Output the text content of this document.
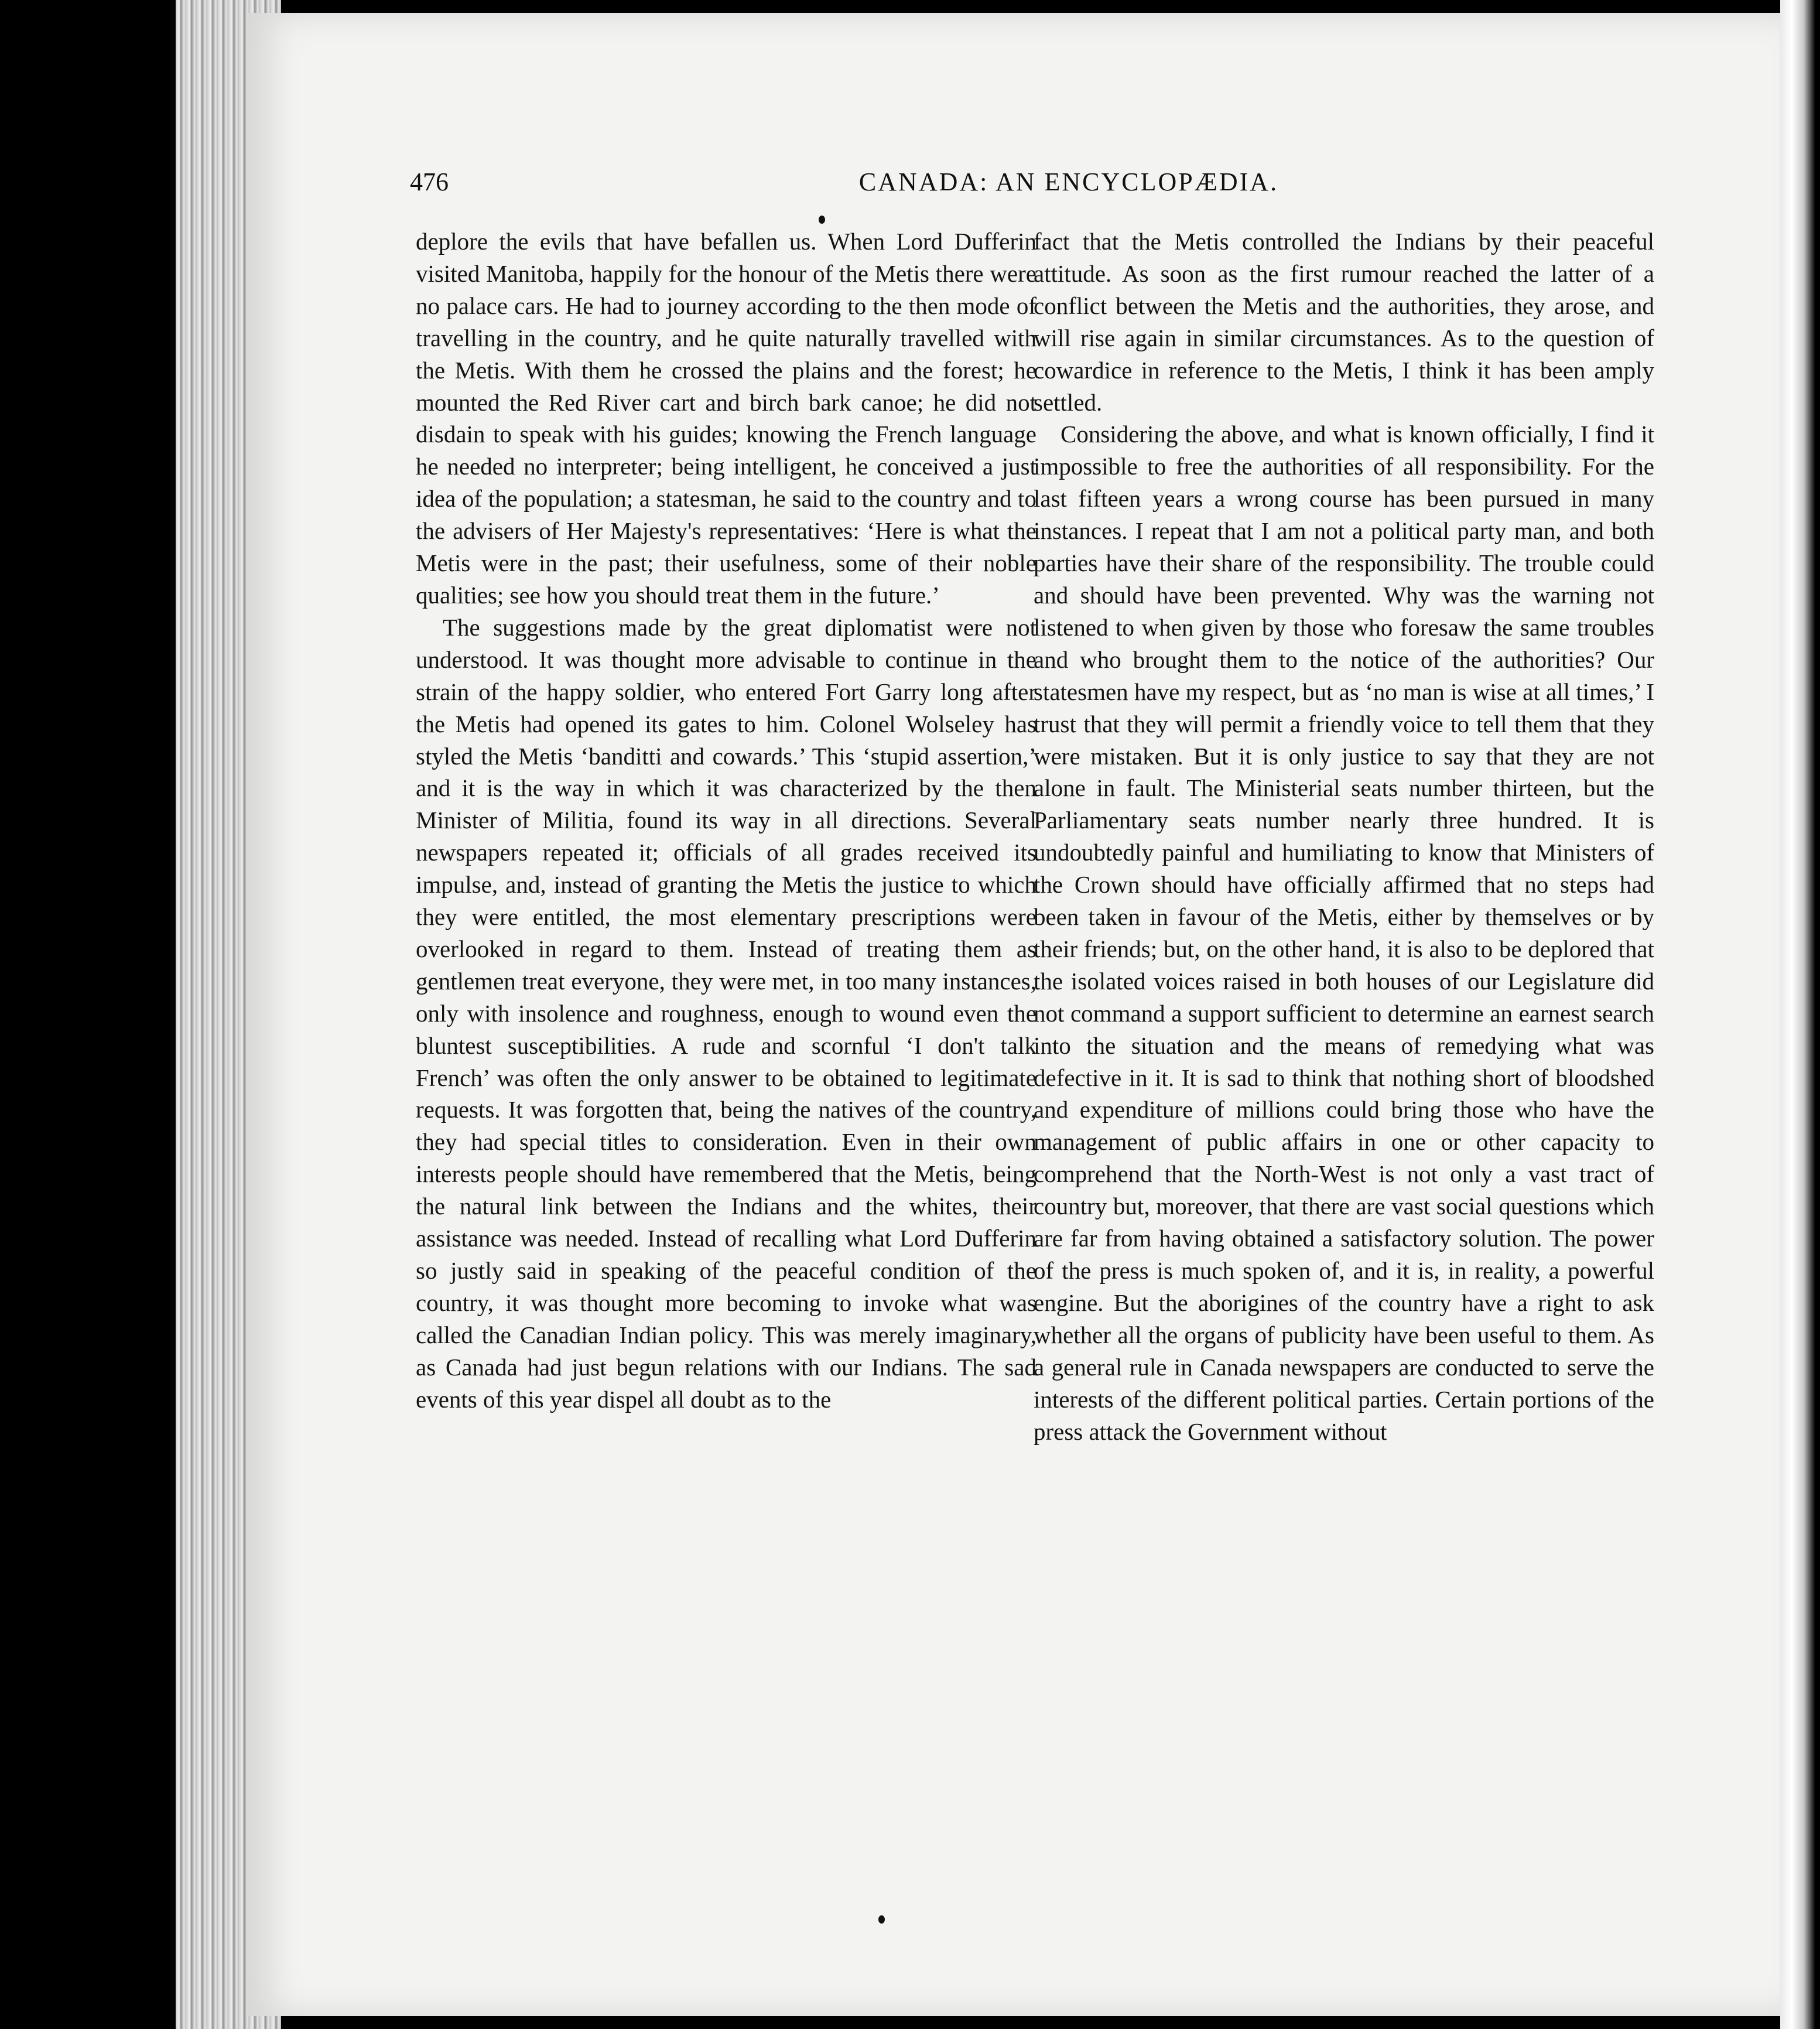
476	CANADA: AN ENCYCLOPÆDIA.

deplore the evils that have befallen us. When Lord Dufferin visited Manitoba, happily for the honour of the Metis there were no palace cars. He had to journey according to the then mode of travelling in the country, and he quite naturally travelled with the Metis. With them he crossed the plains and the forest; he mounted the Red River cart and birch bark canoe; he did not disdain to speak with his guides; knowing the French language he needed no interpreter; being intelligent, he conceived a just idea of the population; a statesman, he said to the country and to the advisers of Her Majesty's representatives: ‘Here is what the Metis were in the past; their usefulness, some of their noble qualities; see how you should treat them in the future.’

The suggestions made by the great diplomatist were not understood. It was thought more advisable to continue in the strain of the happy soldier, who entered Fort Garry long after the Metis had opened its gates to him. Colonel Wolseley has styled the Metis ‘banditti and cowards.’ This ‘stupid assertion,’ and it is the way in which it was characterized by the then Minister of Militia, found its way in all directions. Several newspapers repeated it; officials of all grades received its impulse, and, instead of granting the Metis the justice to which they were entitled, the most elementary prescriptions were overlooked in regard to them. Instead of treating them as gentlemen treat everyone, they were met, in too many instances, only with insolence and roughness, enough to wound even the bluntest susceptibilities. A rude and scornful ‘I don't talk French’ was often the only answer to be obtained to legitimate requests. It was forgotten that, being the natives of the country, they had special titles to consideration. Even in their own interests people should have remembered that the Metis, being the natural link between the Indians and the whites, their assistance was needed. Instead of recalling what Lord Dufferin so justly said in speaking of the peaceful condition of the country, it was thought more becoming to invoke what was called the Canadian Indian policy. This was merely imaginary, as Canada had just begun relations with our Indians. The sad events of this year dispel all doubt as to the

fact that the Metis controlled the Indians by their peaceful attitude. As soon as the first rumour reached the latter of a conflict between the Metis and the authorities, they arose, and will rise again in similar circumstances. As to the question of cowardice in reference to the Metis, I think it has been amply settled.

Considering the above, and what is known officially, I find it impossible to free the authorities of all responsibility. For the last fifteen years a wrong course has been pursued in many instances. I repeat that I am not a political party man, and both parties have their share of the responsibility. The trouble could and should have been prevented. Why was the warning not listened to when given by those who foresaw the same troubles and who brought them to the notice of the authorities? Our statesmen have my respect, but as ‘no man is wise at all times,’ I trust that they will permit a friendly voice to tell them that they were mistaken. But it is only justice to say that they are not alone in fault. The Ministerial seats number thirteen, but the Parliamentary seats number nearly three hundred. It is undoubtedly painful and humiliating to know that Ministers of the Crown should have officially affirmed that no steps had been taken in favour of the Metis, either by themselves or by their friends; but, on the other hand, it is also to be deplored that the isolated voices raised in both houses of our Legislature did not command a support sufficient to determine an earnest search into the situation and the means of remedying what was defective in it. It is sad to think that nothing short of bloodshed and expenditure of millions could bring those who have the management of public affairs in one or other capacity to comprehend that the North-West is not only a vast tract of country but, moreover, that there are vast social questions which are far from having obtained a satisfactory solution. The power of the press is much spoken of, and it is, in reality, a powerful engine. But the aborigines of the country have a right to ask whether all the organs of publicity have been useful to them. As a general rule in Canada newspapers are conducted to serve the interests of the different political parties. Certain portions of the press attack the Government without
